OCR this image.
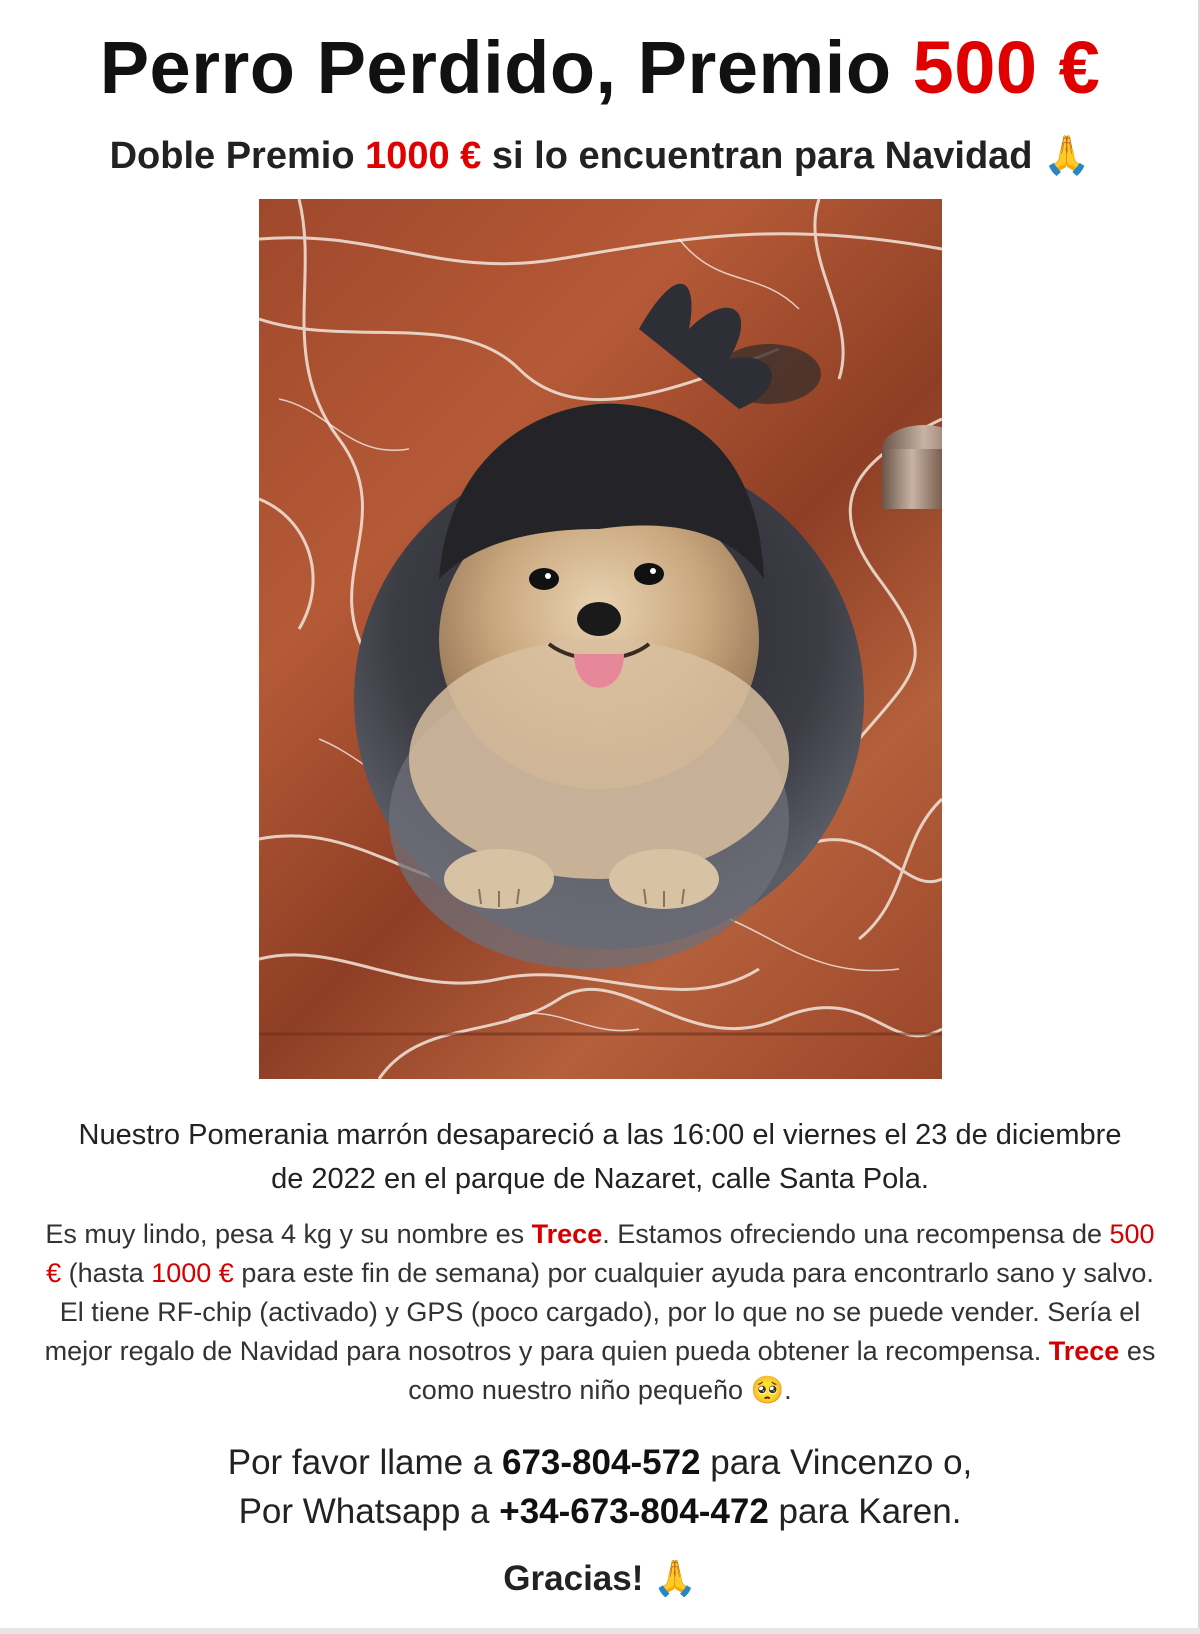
Perro Perdido, Premio 500 €
Doble Premio 1000 € si lo encuentran para Navidad 🙏
Nuestro Pomerania marrón desapareció a las 16:00 el viernes el 23 de diciembre de 2022 en el parque de Nazaret, calle Santa Pola.
Es muy lindo, pesa 4 kg y su nombre es Trece. Estamos ofreciendo una recompensa de 500 € (hasta 1000 € para este fin de semana) por cualquier ayuda para encontrarlo sano y salvo. El tiene RF-chip (activado) y GPS (poco cargado), por lo que no se puede vender. Sería el mejor regalo de Navidad para nosotros y para quien pueda obtener la recompensa. Trece es como nuestro niño pequeño 🥺.
Por favor llame a 673-804-572 para Vincenzo o,
Por Whatsapp a +34-673-804-472 para Karen.
Gracias! 🙏
